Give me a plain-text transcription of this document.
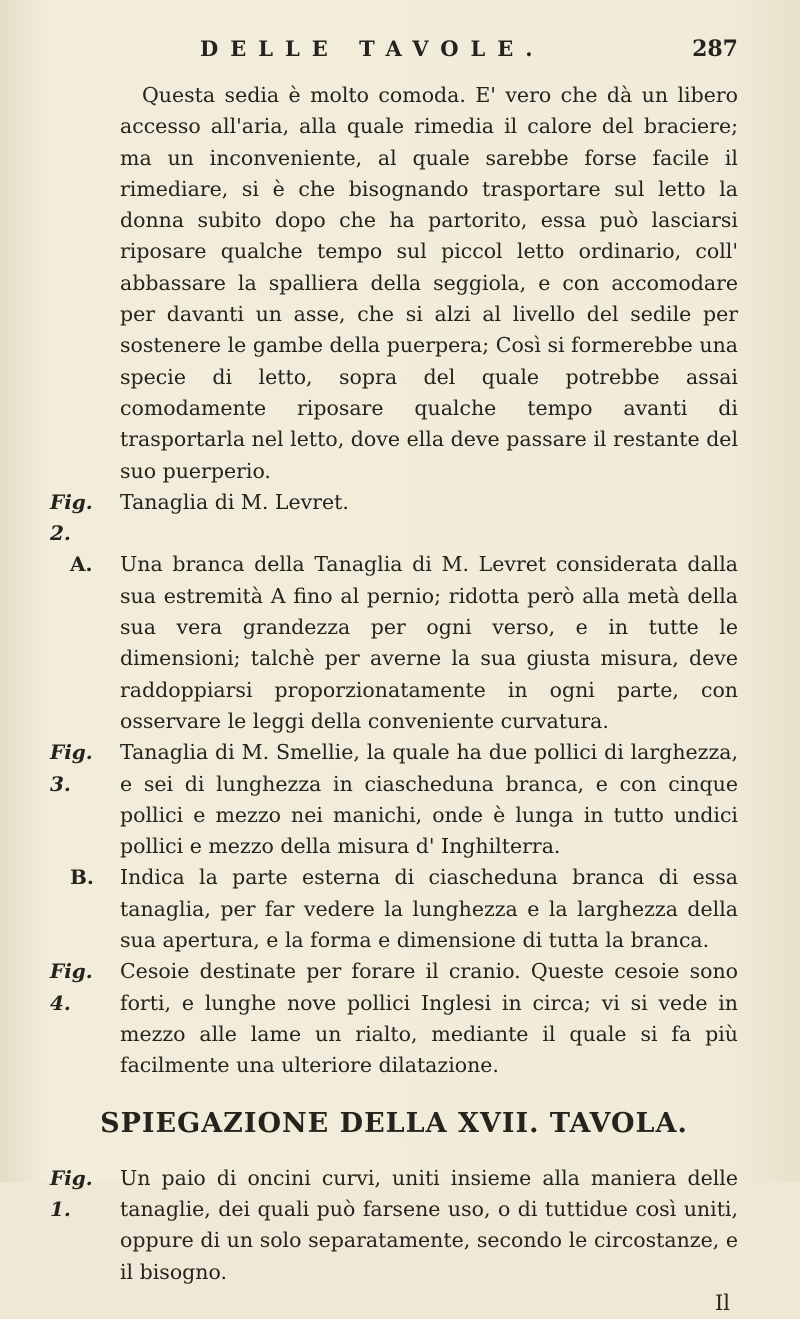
DELLE TAVOLE.	287

Questa sedia è molto comoda. E' vero che dà un libero accesso all'aria, alla quale rimedia il calore del braciere; ma un inconveniente, al quale sarebbe forse facile il rimediare, si è che bisognando trasportare sul letto la donna subito dopo che ha partorito, essa può lasciarsi riposare qualche tempo sul piccol letto ordinario, coll' abbassare la spalliera della seggiola, e con accomodare per davanti un asse, che si alzi al livello del sedile per sostenere le gambe della puerpera; Così si formerebbe una specie di letto, sopra del quale potrebbe assai comodamente riposare qualche tempo avanti di trasportarla nel letto, dove ella deve passare il restante del suo puerperio.

Fig. 2.

Tanaglia di M. Levret.

A.	Una branca della Tanaglia di M. Levret considerata dalla sua estremità A fino al pernio; ridotta però alla metà della sua vera grandezza per ogni verso, e in tutte le dimensioni; talchè per averne la sua giusta misura, deve raddoppiarsi proporzionatamente in ogni parte, con osservare le leggi della conveniente curvatura.

Fig. 3.

Tanaglia di M. Smellie, la quale ha due pollici di larghezza, e sei di lunghezza in ciascheduna branca, e con cinque pollici e mezzo nei manichi, onde è lunga in tutto undici pollici e mezzo della misura d' Inghilterra.

B.	Indica la parte esterna di ciascheduna branca di essa tanaglia, per far vedere la lunghezza e la larghezza della sua apertura, e la forma e dimensione di tutta la branca.

Fig. 4.

Cesoie destinate per forare il cranio. Queste cesoie sono forti, e lunghe nove pollici Inglesi in circa; vi si vede in mezzo alle lame un rialto, mediante il quale si fa più facilmente una ulteriore dilatazione.

SPIEGAZIONE DELLA XVII. TAVOLA.
Fig. 1.

Un paio di oncini curvi, uniti insieme alla maniera delle tanaglie, dei quali può farsene uso, o di tuttidue così uniti, oppure di un solo separatamente, secondo le circostanze, e il bisogno.

Il
